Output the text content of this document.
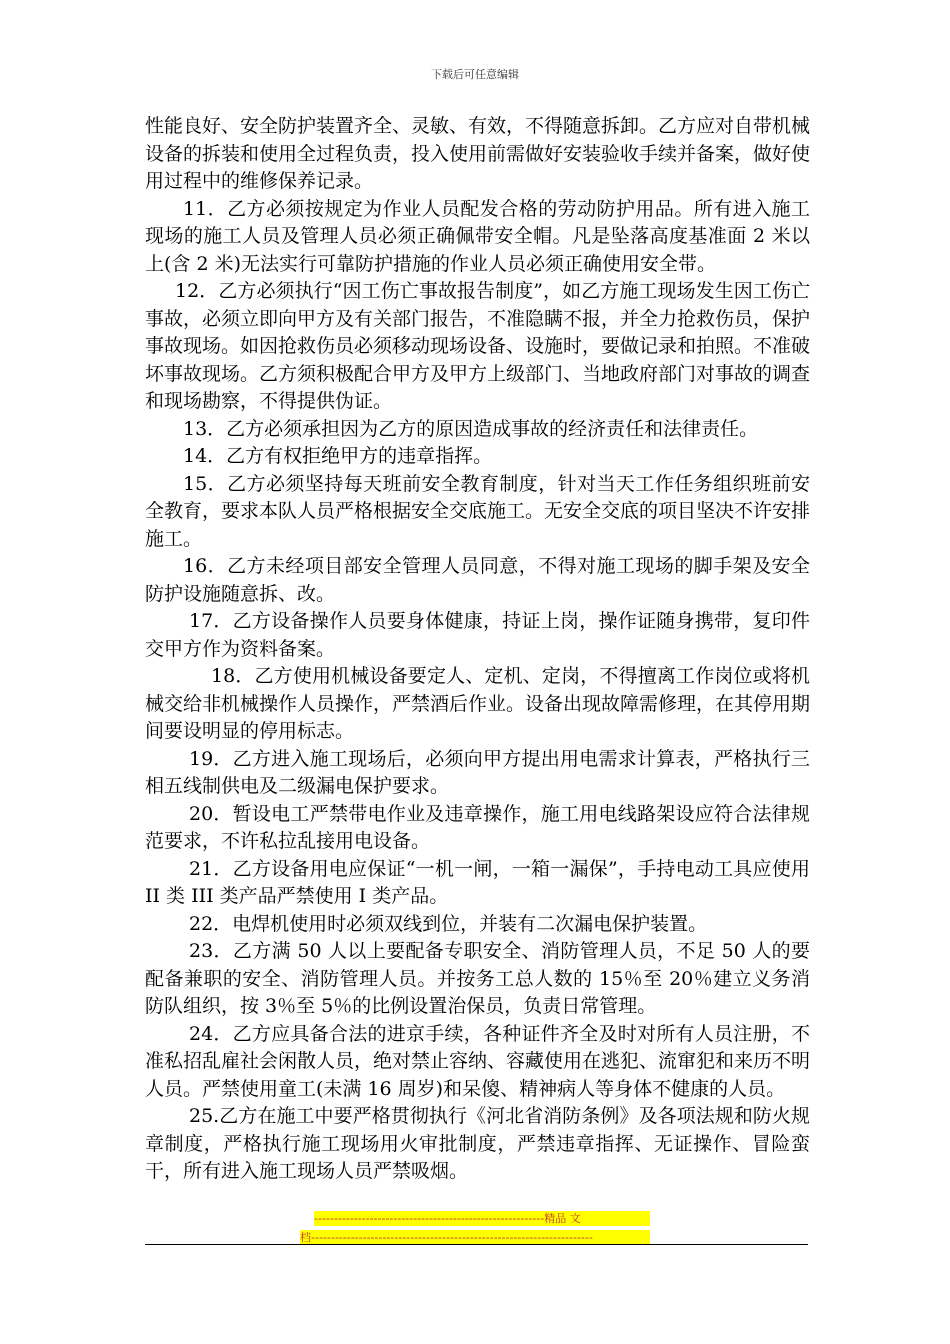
下载后可任意编辑

性能良好、安全防护装置齐全、灵敏、有效，不得随意拆卸。乙方应对自带机械设备的拆装和使用全过程负责，投入使用前需做好安装验收手续并备案，做好使用过程中的维修保养记录。

11．乙方必须按规定为作业人员配发合格的劳动防护用品。所有进入施工现场的施工人员及管理人员必须正确佩带安全帽。凡是坠落高度基准面 2 米以上(含 2 米)无法实行可靠防护措施的作业人员必须正确使用安全带。

12．乙方必须执行“因工伤亡事故报告制度”，如乙方施工现场发生因工伤亡事故，必须立即向甲方及有关部门报告，不准隐瞒不报，并全力抢救伤员，保护事故现场。如因抢救伤员必须移动现场设备、设施时，要做记录和拍照。不准破坏事故现场。乙方须积极配合甲方及甲方上级部门、当地政府部门对事故的调查和现场勘察，不得提供伪证。

13．乙方必须承担因为乙方的原因造成事故的经济责任和法律责任。

14．乙方有权拒绝甲方的违章指挥。

15．乙方必须坚持每天班前安全教育制度，针对当天工作任务组织班前安全教育，要求本队人员严格根据安全交底施工。无安全交底的项目坚决不许安排施工。

16．乙方未经项目部安全管理人员同意，不得对施工现场的脚手架及安全防护设施随意拆、改。

17．乙方设备操作人员要身体健康，持证上岗，操作证随身携带，复印件交甲方作为资料备案。

18．乙方使用机械设备要定人、定机、定岗，不得擅离工作岗位或将机械交给非机械操作人员操作，严禁酒后作业。设备出现故障需修理，在其停用期间要设明显的停用标志。

19．乙方进入施工现场后，必须向甲方提出用电需求计算表，严格执行三相五线制供电及二级漏电保护要求。

20．暂设电工严禁带电作业及违章操作，施工用电线路架设应符合法律规范要求，不许私拉乱接用电设备。

21．乙方设备用电应保证“一机一闸，一箱一漏保”，手持电动工具应使用 II 类 III 类产品严禁使用 I 类产品。

22．电焊机使用时必须双线到位，并装有二次漏电保护装置。

23．乙方满 50 人以上要配备专职安全、消防管理人员，不足 50 人的要配备兼职的安全、消防管理人员。并按务工总人数的 15％至 20％建立义务消防队组织，按 3％至 5％的比例设置治保员，负责日常管理。

24．乙方应具备合法的进京手续，各种证件齐全及时对所有人员注册，不准私招乱雇社会闲散人员，绝对禁止容纳、容藏使用在逃犯、流窜犯和来历不明人员。严禁使用童工(未满 16 周岁)和呆傻、精神病人等身体不健康的人员。

25.乙方在施工中要严格贯彻执行《河北省消防条例》及各项法规和防火规章制度，严格执行施工现场用火审批制度，严禁违章指挥、无证操作、冒险蛮干，所有进入施工现场人员严禁吸烟。

----------------------------------------------------------精品 文
档-----------------------------------------------------------------------
